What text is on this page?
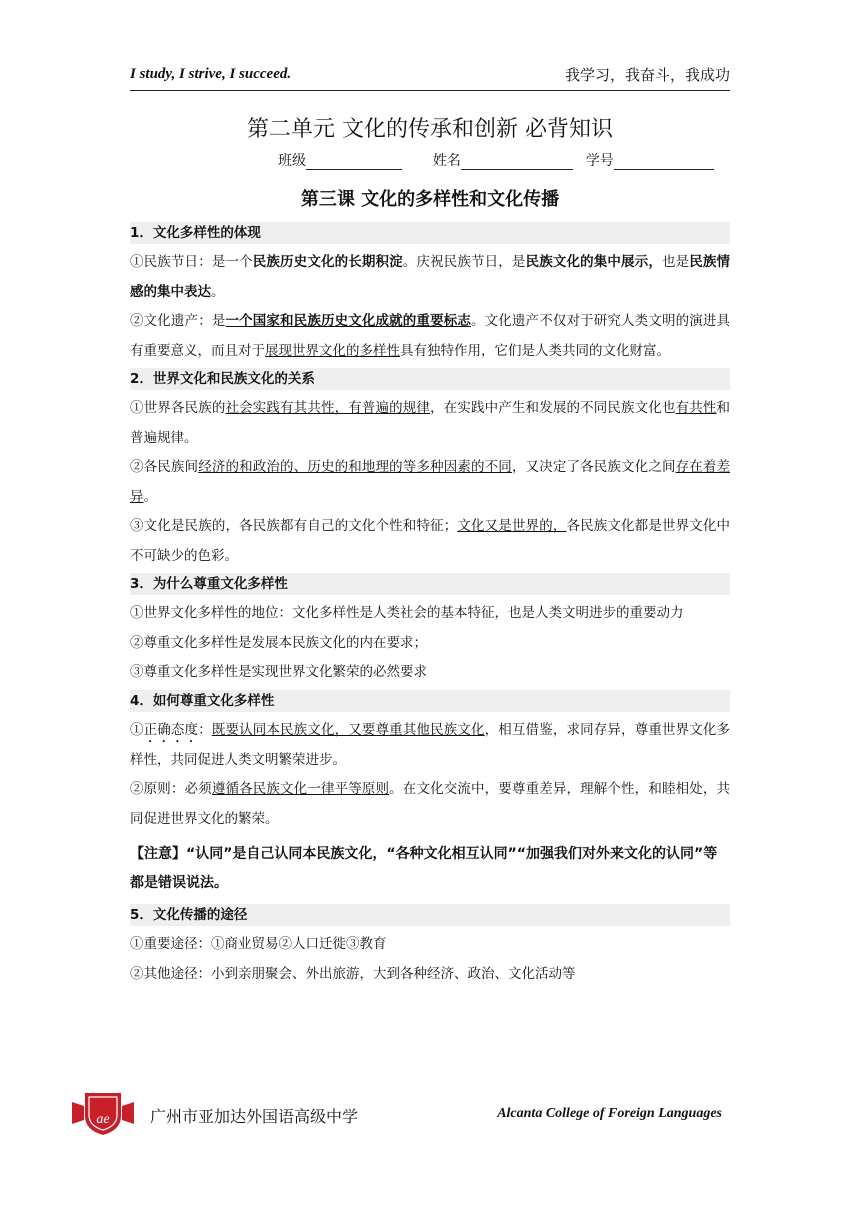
I study, I strive, I succeed.	我学习，我奋斗，我成功
第二单元 文化的传承和创新 必背知识
班级	姓名	学号
第三课 文化的多样性和文化传播
1．文化多样性的体现
①民族节日：是一个民族历史文化的长期积淀。庆祝民族节日，是民族文化的集中展示，也是民族情感的集中表达。
②文化遗产：是一个国家和民族历史文化成就的重要标志。文化遗产不仅对于研究人类文明的演进具有重要意义，而且对于展现世界文化的多样性具有独特作用，它们是人类共同的文化财富。
2．世界文化和民族文化的关系
①世界各民族的社会实践有其共性，有普遍的规律，在实践中产生和发展的不同民族文化也有共性和普遍规律。
②各民族间经济的和政治的、历史的和地理的等多种因素的不同，又决定了各民族文化之间存在着差异。
③文化是民族的，各民族都有自己的文化个性和特征；文化又是世界的，各民族文化都是世界文化中不可缺少的色彩。
3．为什么尊重文化多样性
①世界文化多样性的地位：文化多样性是人类社会的基本特征，也是人类文明进步的重要动力
②尊重文化多样性是发展本民族文化的内在要求；
③尊重文化多样性是实现世界文化繁荣的必然要求
4．如何尊重文化多样性
①正确态度：既要认同本民族文化，又要尊重其他民族文化，相互借鉴，求同存异，尊重世界文化多样性，共同促进人类文明繁荣进步。
②原则：必须遵循各民族文化一律平等原则。在文化交流中，要尊重差异，理解个性，和睦相处，共同促进世界文化的繁荣。
【注意】“认同”是自己认同本民族文化，“各种文化相互认同”“加强我们对外来文化的认同”等都是错误说法。
5．文化传播的途径
①重要途径：①商业贸易②人口迁徙③教育
②其他途径：小到亲朋聚会、外出旅游，大到各种经济、政治、文化活动等
ae	广州市亚加达外国语高级中学	Alcanta College of Foreign Languages
